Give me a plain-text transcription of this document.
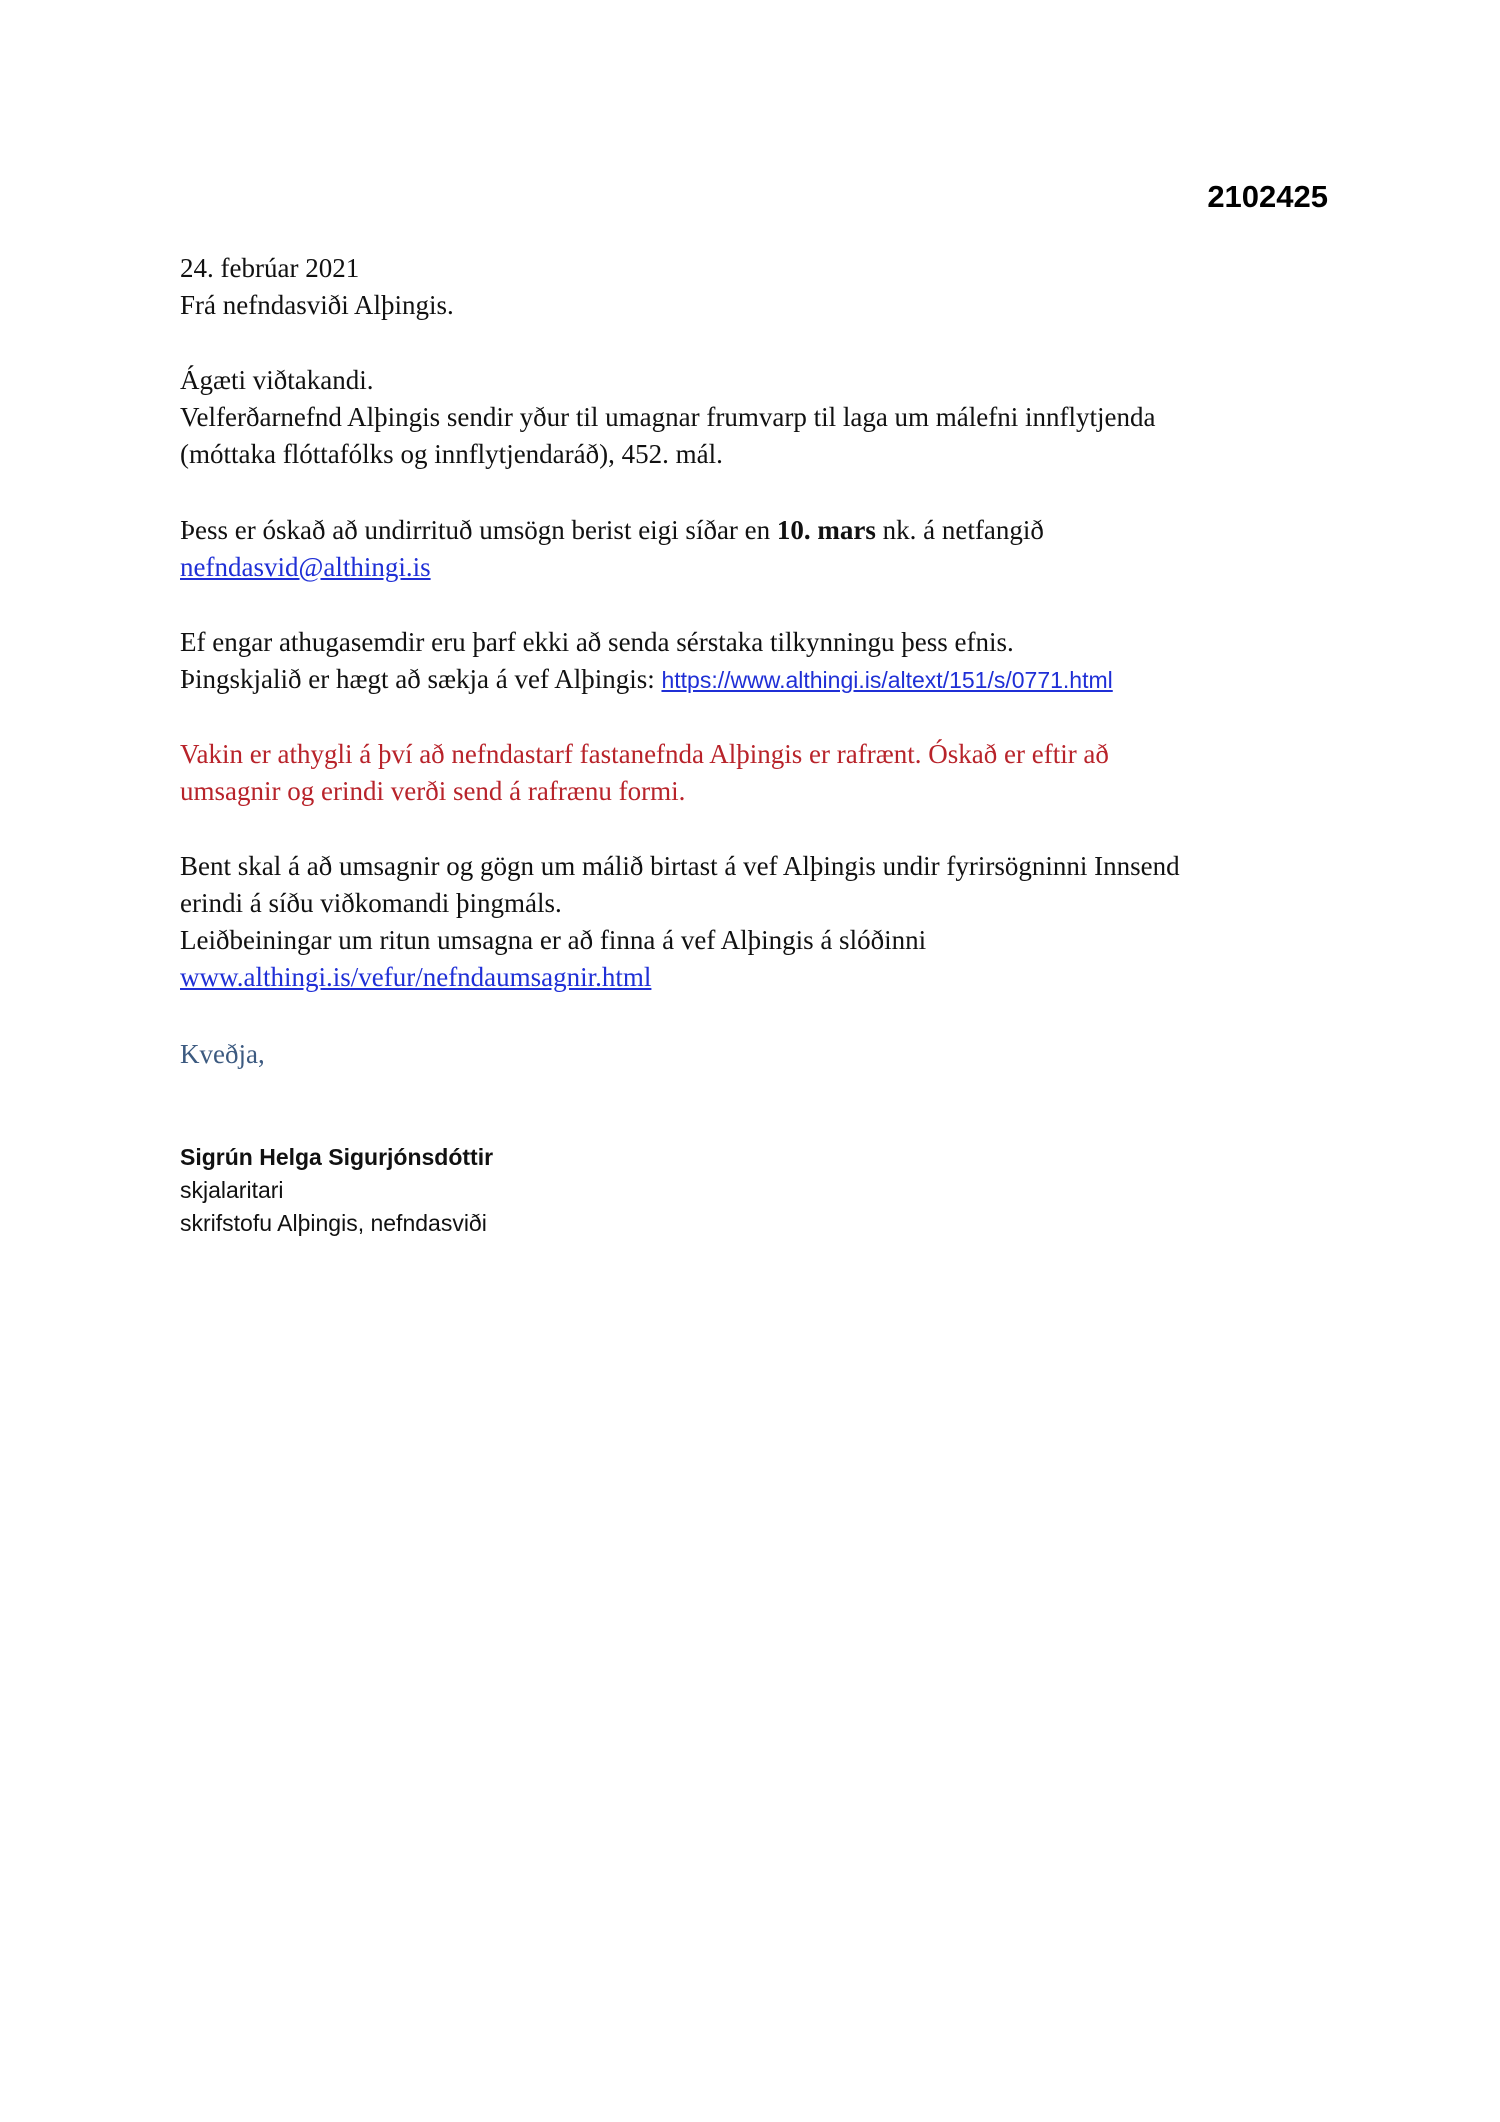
2102425
24. febrúar 2021
Frá nefndasviði Alþingis.
Ágæti viðtakandi.
Velferðarnefnd Alþingis sendir yður til umagnar frumvarp til laga um málefni innflytjenda
(móttaka flóttafólks og innflytjendaráð), 452. mál.
Þess er óskað að undirrituð umsögn berist eigi síðar en 10. mars nk. á netfangið
nefndasvid@althingi.is
Ef engar athugasemdir eru þarf ekki að senda sérstaka tilkynningu þess efnis.
Þingskjalið er hægt að sækja á vef Alþingis: https://www.althingi.is/altext/151/s/0771.html
Vakin er athygli á því að nefndastarf fastanefnda Alþingis er rafrænt. Óskað er eftir að
umsagnir og erindi verði send á rafrænu formi.
Bent skal á að umsagnir og gögn um málið birtast á vef Alþingis undir fyrirsögninni Innsend
erindi á síðu viðkomandi þingmáls.
Leiðbeiningar um ritun umsagna er að finna á vef Alþingis á slóðinni
www.althingi.is/vefur/nefndaumsagnir.html
Kveðja,
Sigrún Helga Sigurjónsdóttir
skjalaritari
skrifstofu Alþingis, nefndasviði
